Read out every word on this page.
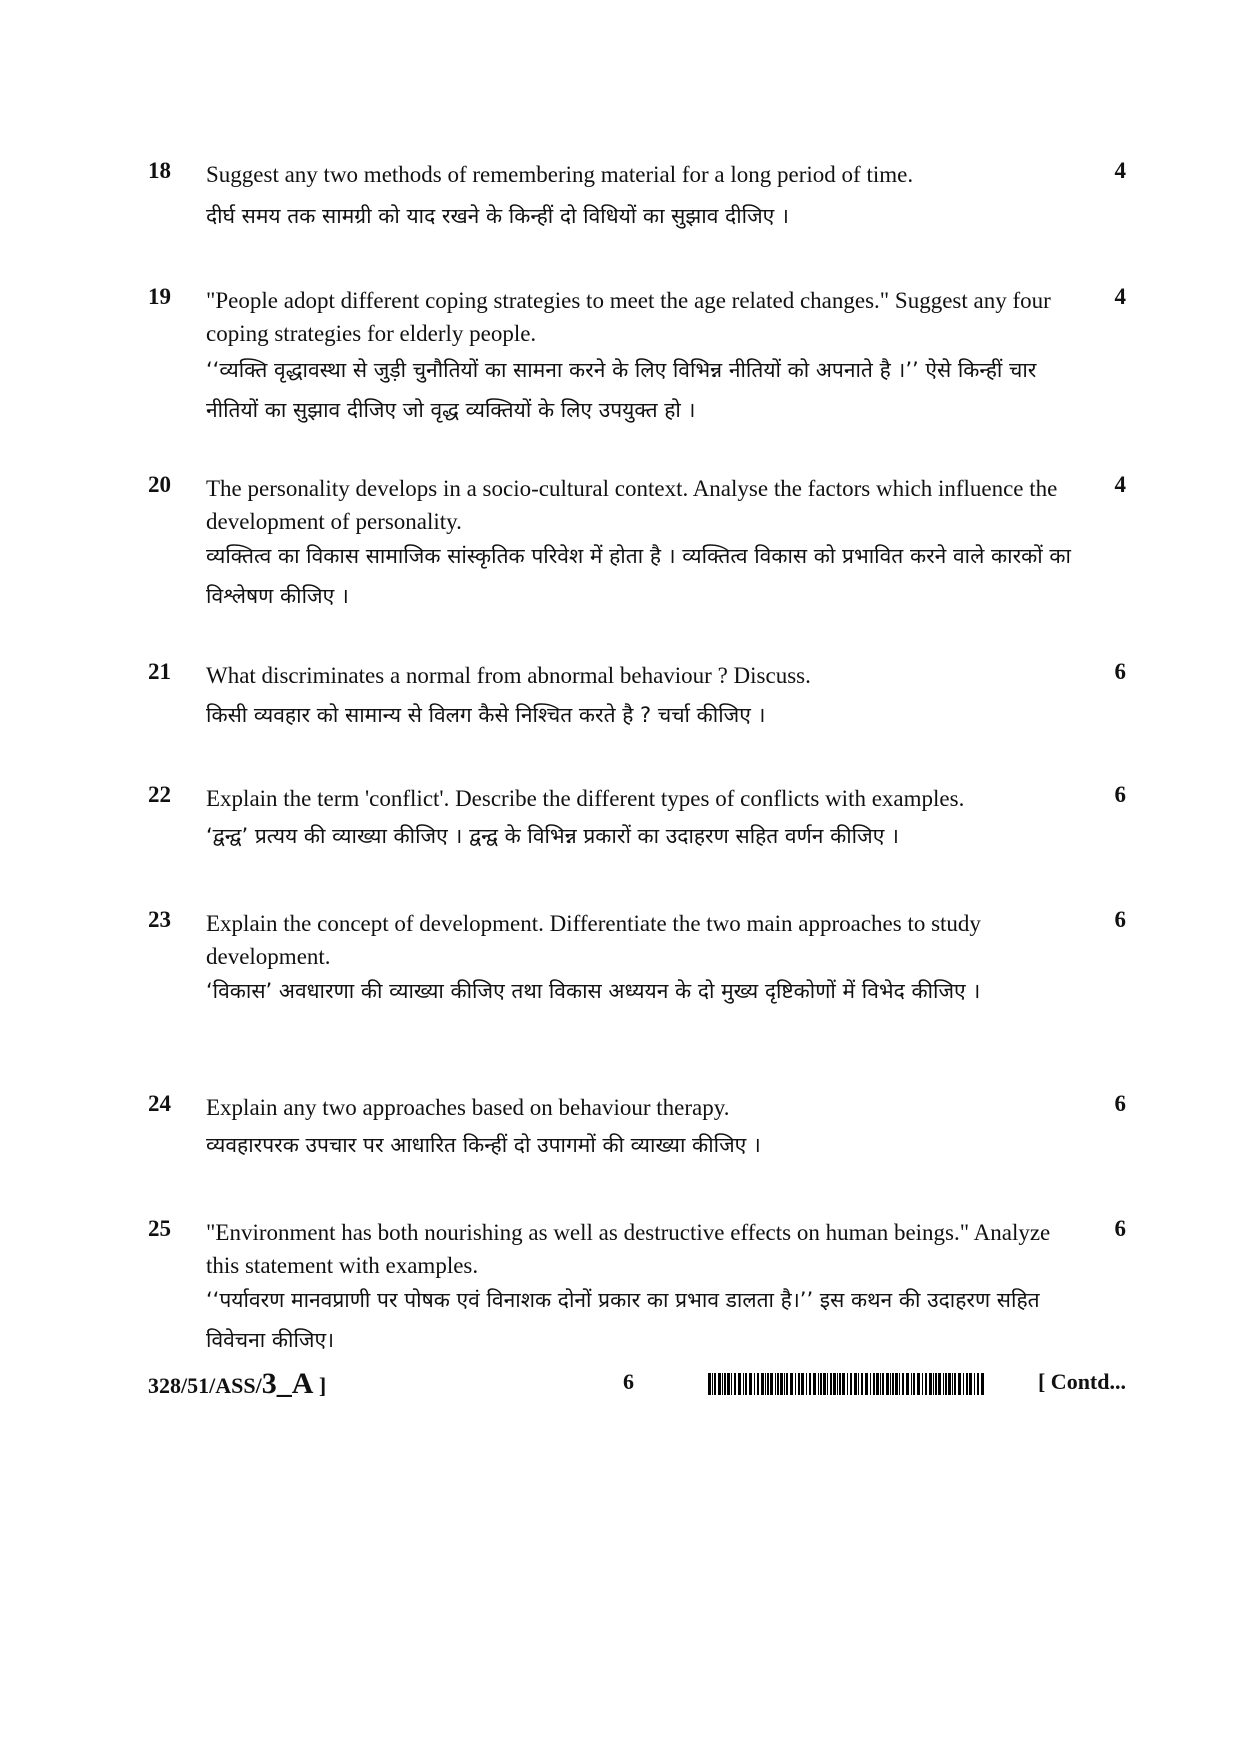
18 Suggest any two methods of remembering material for a long period of time.	4
दीर्घ समय तक सामग्री को याद रखने के किन्हीं दो विधियों का सुझाव दीजिए ।
19 "People adopt different coping strategies to meet the age related changes." Suggest any four coping strategies for elderly people.
4
‘‘व्यक्ति वृद्धावस्था से जुड़ी चुनौतियों का सामना करने के लिए विभिन्न नीतियों को अपनाते है ।’’ ऐसे किन्हीं चार नीतियों का सुझाव दीजिए जो वृद्ध व्यक्तियों के लिए उपयुक्त हो ।
20 The personality develops in a socio-cultural context. Analyse the factors which influence the development of personality.
4
व्यक्तित्व का विकास सामाजिक सांस्कृतिक परिवेश में होता है । व्यक्तित्व विकास को प्रभावित करने वाले कारकों का विश्लेषण कीजिए ।
21 What discriminates a normal from abnormal behaviour ? Discuss.	6
किसी व्यवहार को सामान्य से विलग कैसे निश्चित करते है ? चर्चा कीजिए ।
22 Explain the term 'conflict'. Describe the different types of conflicts with examples.	6
‘द्वन्द्व’ प्रत्यय की व्याख्या कीजिए । द्वन्द्व के विभिन्न प्रकारों का उदाहरण सहित वर्णन कीजिए ।
23 Explain the concept of development. Differentiate the two main approaches to study development.
6
‘विकास’ अवधारणा की व्याख्या कीजिए तथा विकास अध्ययन के दो मुख्य दृष्टिकोणों में विभेद कीजिए ।
24 Explain any two approaches based on behaviour therapy.	6
व्यवहारपरक उपचार पर आधारित किन्हीं दो उपागमों की व्याख्या कीजिए ।
25 "Environment has both nourishing as well as destructive effects on human beings." Analyze this statement with examples.
6
‘‘पर्यावरण मानवप्राणी पर पोषक एवं विनाशक दोनों प्रकार का प्रभाव डालता है।’’ इस कथन की उदाहरण सहित विवेचना कीजिए।
328/51/ASS/3_A ]	6	[ Contd...
